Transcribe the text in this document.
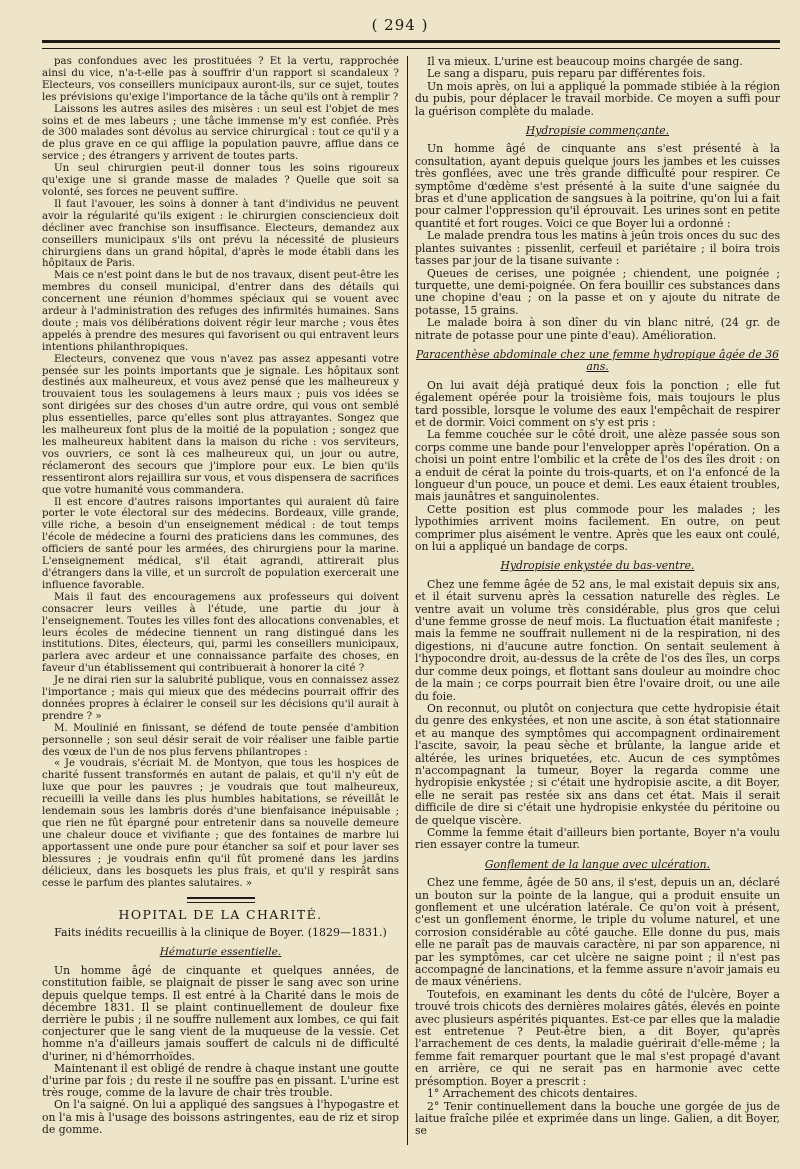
( 294 )

pas confondues avec les prostituées ? Et la vertu, rapprochée ainsi du vice, n'a-t-elle pas à souffrir d'un rapport si scandaleux ? Electeurs, vos conseillers municipaux auront-ils, sur ce sujet, toutes les prévisions qu'exige l'importance de la tâche qu'ils ont à remplir ?

Laissons les autres asiles des misères : un seul est l'objet de mes soins et de mes labeurs ; une tâche immense m'y est confiée. Près de 300 malades sont dévolus au service chirurgical : tout ce qu'il y a de plus grave en ce qui afflige la population pauvre, afflue dans ce service ; des étrangers y arrivent de toutes parts.

Un seul chirurgien peut-il donner tous les soins rigoureux qu'exige une si grande masse de malades ? Quelle que soit sa volonté, ses forces ne peuvent suffire.

Il faut l'avouer, les soins à donner à tant d'individus ne peuvent avoir la régularité qu'ils exigent : le chirurgien consciencieux doit décliner avec franchise son insuffisance. Electeurs, demandez aux conseillers municipaux s'ils ont prévu la nécessité de plusieurs chirurgiens dans un grand hôpital, d'après le mode établi dans les hôpitaux de Paris.

Mais ce n'est point dans le but de nos travaux, disent peut-être les membres du conseil municipal, d'entrer dans des détails qui concernent une réunion d'hommes spéciaux qui se vouent avec ardeur à l'administration des refuges des infirmités humaines. Sans doute ; mais vos délibérations doivent régir leur marche ; vous êtes appelés à prendre des mesures qui favorisent ou qui entravent leurs intentions philanthropiques.

Electeurs, convenez que vous n'avez pas assez appesanti votre pensée sur les points importants que je signale. Les hôpitaux sont destinés aux malheureux, et vous avez pensé que les malheureux y trouvaient tous les soulagemens à leurs maux ; puis vos idées se sont dirigées sur des choses d'un autre ordre, qui vous ont semblé plus essentielles, parce qu'elles sont plus attrayantes. Songez que les malheureux font plus de la moitié de la population ; songez que les malheureux habitent dans la maison du riche : vos serviteurs, vos ouvriers, ce sont là ces malheureux qui, un jour ou autre, réclameront des secours que j'implore pour eux. Le bien qu'ils ressentiront alors rejaillira sur vous, et vous dispensera de sacrifices que votre humanité vous commandera.

Il est encore d'autres raisons importantes qui auraient dû faire porter le vote électoral sur des médecins. Bordeaux, ville grande, ville riche, a besoin d'un enseignement médical : de tout temps l'école de médecine a fourni des praticiens dans les communes, des officiers de santé pour les armées, des chirurgiens pour la marine. L'enseignement médical, s'il était agrandi, attirerait plus d'étrangers dans la ville, et un surcroît de population exercerait une influence favorable.

Mais il faut des encouragemens aux professeurs qui doivent consacrer leurs veilles à l'étude, une partie du jour à l'enseignement. Toutes les villes font des allocations convenables, et leurs écoles de médecine tiennent un rang distingué dans les institutions. Dites, électeurs, qui, parmi les conseillers municipaux, parlera avec ardeur et une connaissance parfaite des choses, en faveur d'un établissement qui contribuerait à honorer la cité ?

Je ne dirai rien sur la salubrité publique, vous en connaissez assez l'importance ; mais qui mieux que des médecins pourrait offrir des données propres à éclairer le conseil sur les décisions qu'il aurait à prendre ? »

M. Moulinié en finissant, se défend de toute pensée d'ambition personnelle ; son seul désir serait de voir réaliser une faible partie des vœux de l'un de nos plus fervens philantropes :

« Je voudrais, s'écriait M. de Montyon, que tous les hospices de charité fussent transformés en autant de palais, et qu'il n'y eût de luxe que pour les pauvres ; je voudrais que tout malheureux, recueilli la veille dans les plus humbles habitations, se réveillât le lendemain sous les lambris dorés d'une bienfaisance inépuisable ; que rien ne fût épargné pour entretenir dans sa nouvelle demeure une chaleur douce et vivifiante ; que des fontaines de marbre lui apportassent une onde pure pour étancher sa soif et pour laver ses blessures ; je voudrais enfin qu'il fût promené dans les jardins délicieux, dans les bosquets les plus frais, et qu'il y respirât sans cesse le parfum des plantes salutaires. »

HOPITAL DE LA CHARITÉ.

Faits inédits recueillis à la clinique de Boyer. (1829—1831.)

Hématurie essentielle.

Un homme âgé de cinquante et quelques années, de constitution faible, se plaignait de pisser le sang avec son urine depuis quelque temps. Il est entré à la Charité dans le mois de décembre 1831. Il se plaint continuellement de douleur fixe derrière le pubis ; il ne souffre nullement aux lombes, ce qui fait conjecturer que le sang vient de la muqueuse de la vessie. Cet homme n'a d'ailleurs jamais souffert de calculs ni de difficulté d'uriner, ni d'hémorrhoïdes.

Maintenant il est obligé de rendre à chaque instant une goutte d'urine par fois ; du reste il ne souffre pas en pissant. L'urine est très rouge, comme de la lavure de chair très trouble.

On l'a saigné. On lui a appliqué des sangsues à l'hypogastre et on l'a mis à l'usage des boissons astringentes, eau de riz et sirop de gomme.

Il va mieux. L'urine est beaucoup moins chargée de sang.

Le sang a disparu, puis reparu par différentes fois.

Un mois après, on lui a appliqué la pommade stibiée à la région du pubis, pour déplacer le travail morbide. Ce moyen a suffi pour la guérison complète du malade.

Hydropisie commençante.

Un homme âgé de cinquante ans s'est présenté à la consultation, ayant depuis quelque jours les jambes et les cuisses très gonflées, avec une très grande difficulté pour respirer. Ce symptôme d'œdème s'est présenté à la suite d'une saignée du bras et d'une application de sangsues à la poitrine, qu'on lui a fait pour calmer l'oppression qu'il éprouvait. Les urines sont en petite quantité et fort rouges. Voici ce que Boyer lui a ordonné :

Le malade prendra tous les matins à jeûn trois onces du suc des plantes suivantes : pissenlit, cerfeuil et pariétaire ; il boira trois tasses par jour de la tisane suivante :

Queues de cerises, une poignée ; chiendent, une poignée ; turquette, une demi-poignée. On fera bouillir ces substances dans une chopine d'eau ; on la passe et on y ajoute du nitrate de potasse, 15 grains.

Le malade boira à son dîner du vin blanc nitré, (24 gr. de nitrate de potasse pour une pinte d'eau). Amélioration.

Paracenthèse abdominale chez une femme hydropique âgée de 36 ans.

On lui avait déjà pratiqué deux fois la ponction ; elle fut également opérée pour la troisième fois, mais toujours le plus tard possible, lorsque le volume des eaux l'empêchait de respirer et de dormir. Voici comment on s'y est pris :

La femme couchée sur le côté droit, une alèze passée sous son corps comme une bande pour l'envelopper après l'opération. On a choisi un point entre l'ombilic et la crête de l'os des îles droit : on a enduit de cérat la pointe du trois-quarts, et on l'a enfoncé de la longueur d'un pouce, un pouce et demi. Les eaux étaient troubles, mais jaunâtres et sanguinolentes.

Cette position est plus commode pour les malades ; les lypothimies arrivent moins facilement. En outre, on peut comprimer plus aisément le ventre. Après que les eaux ont coulé, on lui a appliqué un bandage de corps.

Hydropisie enkystée du bas-ventre.

Chez une femme âgée de 52 ans, le mal existait depuis six ans, et il était survenu après la cessation naturelle des règles. Le ventre avait un volume très considérable, plus gros que celui d'une femme grosse de neuf mois. La fluctuation était manifeste ; mais la femme ne souffrait nullement ni de la respiration, ni des digestions, ni d'aucune autre fonction. On sentait seulement à l'hypocondre droit, au-dessus de la crête de l'os des îles, un corps dur comme deux poings, et flottant sans douleur au moindre choc de la main ; ce corps pourrait bien être l'ovaire droit, ou une aile du foie.

On reconnut, ou plutôt on conjectura que cette hydropisie était du genre des enkystées, et non une ascite, à son état stationnaire et au manque des symptômes qui accompagnent ordinairement l'ascite, savoir, la peau sèche et brûlante, la langue aride et altérée, les urines briquetées, etc. Aucun de ces symptômes n'accompagnant la tumeur, Boyer la regarda comme une hydropisie enkystée ; si c'était une hydropisie ascite, a dit Boyer, elle ne serait pas restée six ans dans cet état. Mais il serait difficile de dire si c'était une hydropisie enkystée du péritoine ou de quelque viscère.

Comme la femme était d'ailleurs bien portante, Boyer n'a voulu rien essayer contre la tumeur.

Gonflement de la langue avec ulcération.

Chez une femme, âgée de 50 ans, il s'est, depuis un an, déclaré un bouton sur la pointe de la langue, qui a produit ensuite un gonflement et une ulcération latérale. Ce qu'on voit à présent, c'est un gonflement énorme, le triple du volume naturel, et une corrosion considérable au côté gauche. Elle donne du pus, mais elle ne paraît pas de mauvais caractère, ni par son apparence, ni par les symptômes, car cet ulcère ne saigne point ; il n'est pas accompagné de lancinations, et la femme assure n'avoir jamais eu de maux vénériens.

Toutefois, en examinant les dents du côté de l'ulcère, Boyer a trouvé trois chicots des dernières molaires gâtés, élevés en pointe avec plusieurs aspérités piquantes. Est-ce par elles que la maladie est entretenue ? Peut-être bien, a dit Boyer, qu'après l'arrachement de ces dents, la maladie guérirait d'elle-même ; la femme fait remarquer pourtant que le mal s'est propagé d'avant en arrière, ce qui ne serait pas en harmonie avec cette présomption. Boyer a prescrit :

1° Arrachement des chicots dentaires.

2° Tenir continuellement dans la bouche une gorgée de jus de laitue fraîche pilée et exprimée dans un linge. Galien, a dit Boyer, se
